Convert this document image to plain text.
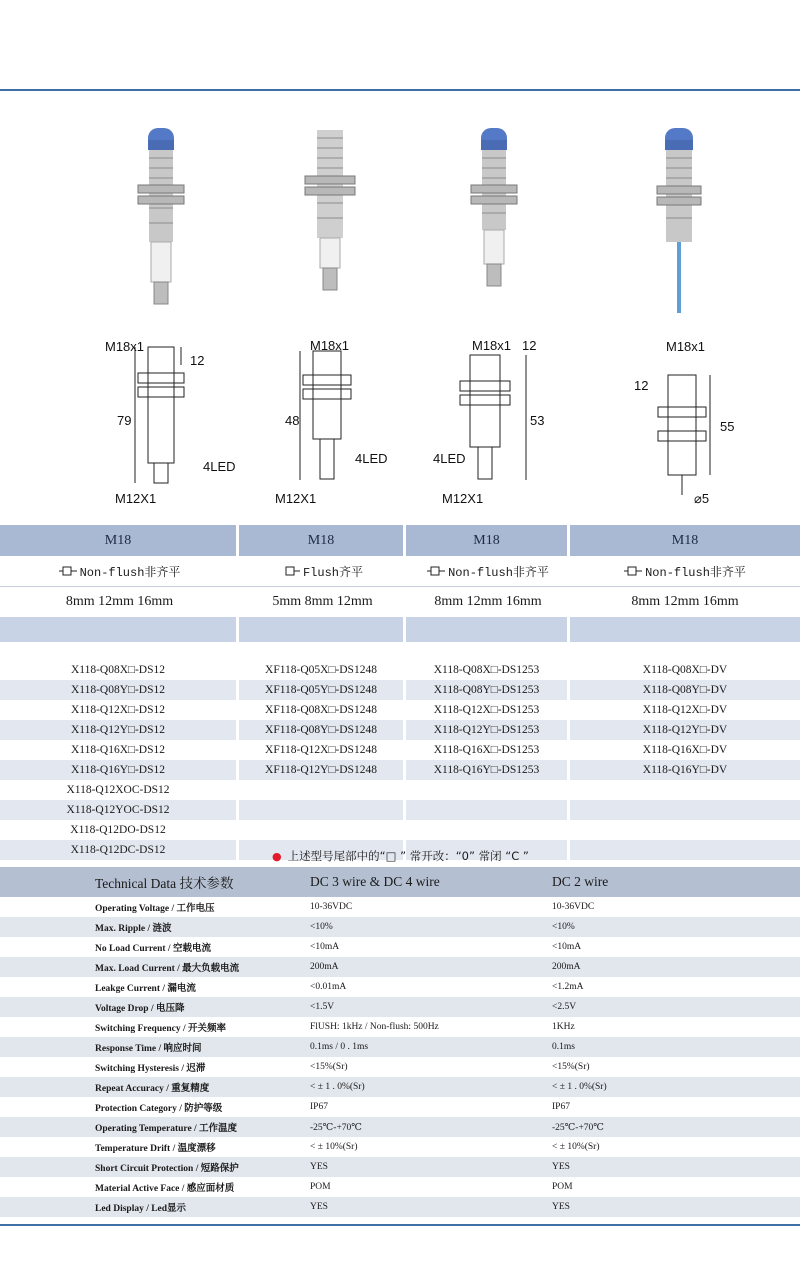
M18x1
12
79
4LED
M12X1
M18x1
48
4LED
M12X1
M18x1 12
53
4LED
M12X1
M18x1
12
55
⌀5
M18	M18	M18	M18
Non-flush非齐平	Flush齐平	Non-flush非齐平	Non-flush非齐平
8mm 12mm 16mm	5mm 8mm 12mm	8mm 12mm 16mm	8mm 12mm 16mm
X118-Q08X□-DS12	XF118-Q05X□-DS1248	X118-Q08X□-DS1253	X118-Q08X□-DV
X118-Q08Y□-DS12	XF118-Q05Y□-DS1248	X118-Q08Y□-DS1253	X118-Q08Y□-DV
X118-Q12X□-DS12	XF118-Q08X□-DS1248	X118-Q12X□-DS1253	X118-Q12X□-DV
X118-Q12Y□-DS12	XF118-Q08Y□-DS1248	X118-Q12Y□-DS1253	X118-Q12Y□-DV
X118-Q16X□-DS12	XF118-Q12X□-DS1248	X118-Q16X□-DS1253	X118-Q16X□-DV
X118-Q16Y□-DS12	XF118-Q12Y□-DS1248	X118-Q16Y□-DS1253	X118-Q16Y□-DV
X118-Q12XOC-DS12
X118-Q12YOC-DS12
X118-Q12DO-DS12
X118-Q12DC-DS12	● 上述型号尾部中的“□ ” 常开改：“0” 常闭 “C ”
Technical Data 技术参数	DC 3 wire & DC 4 wire	DC 2 wire
Operating Voltage / 工作电压	10-36VDC	10-36VDC
Max. Ripple / 涟波	<10%	<10%
No Load Current / 空载电流	<10mA	<10mA
Max. Load Current / 最大负载电流	200mA	200mA
Leakge Current / 漏电流	<0.01mA	<1.2mA
Voltage Drop / 电压降	<1.5V	<2.5V
Switching Frequency / 开关频率	FlUSH: 1kHz / Non-flush: 500Hz	1KHz
Response Time / 响应时间	0.1ms / 0 . 1ms	0.1ms
Switching Hysteresis / 迟滞	<15%(Sr)	<15%(Sr)
Repeat Accuracy / 重复精度	< ± 1 . 0%(Sr)	< ± 1 . 0%(Sr)
Protection Category / 防护等级	IP67	IP67
Operating Temperature / 工作温度	-25℃-+70℃	-25℃-+70℃
Temperature Drift / 温度漂移	< ± 10%(Sr)	< ± 10%(Sr)
Short Circuit Protection / 短路保护	YES	YES
Material Active Face / 感应面材质	POM	POM
Led Display / Led显示	YES	YES
